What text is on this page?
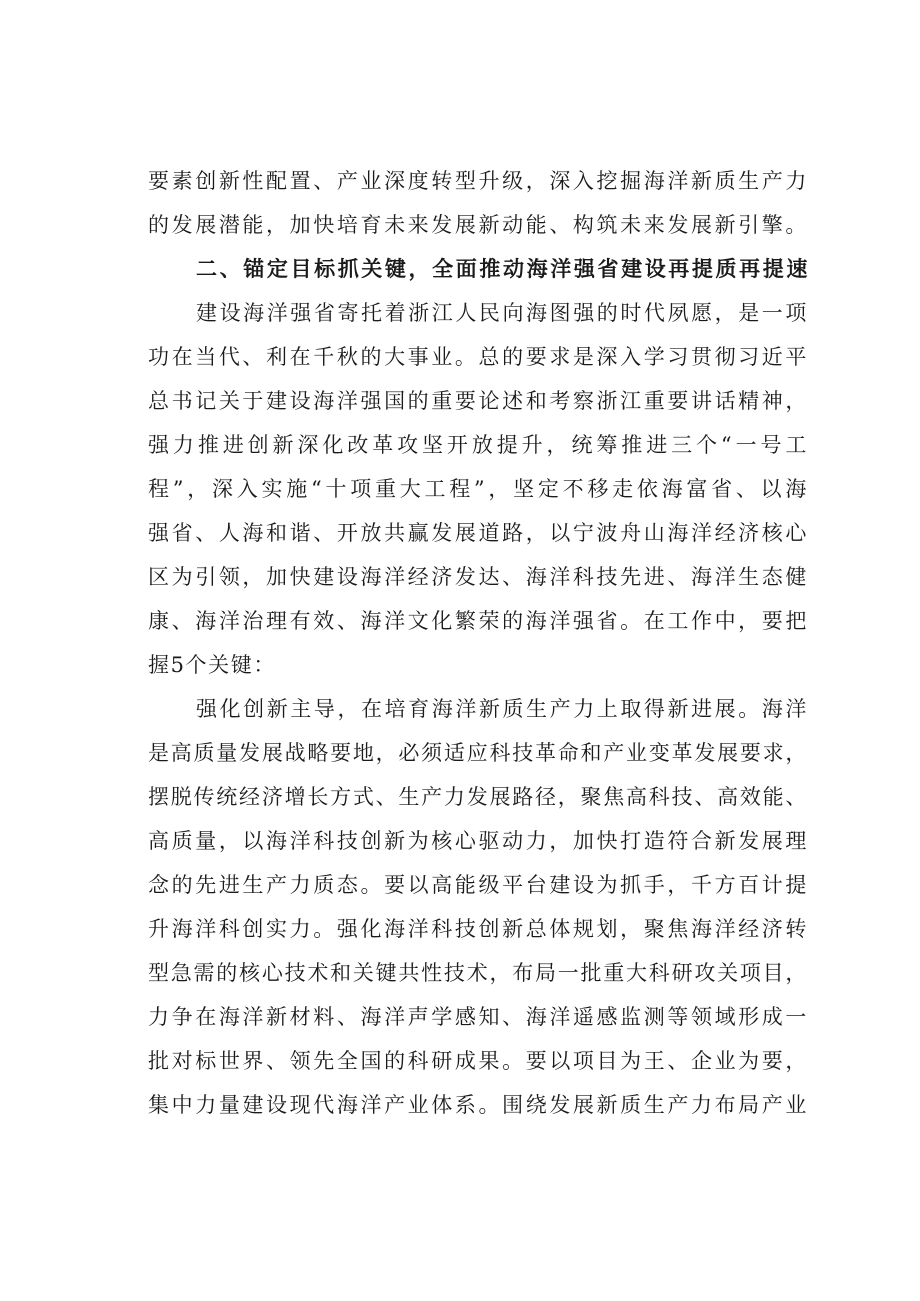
要素创新性配置、产业深度转型升级，深入挖掘海洋新质生产力
的发展潜能，加快培育未来发展新动能、构筑未来发展新引擎。
二、锚定目标抓关键，全面推动海洋强省建设再提质再提速
建设海洋强省寄托着浙江人民向海图强的时代夙愿，是一项
功在当代、利在千秋的大事业。总的要求是深入学习贯彻习近平
总书记关于建设海洋强国的重要论述和考察浙江重要讲话精神，
强力推进创新深化改革攻坚开放提升，统筹推进三个“一号工
程”，深入实施“十项重大工程”，坚定不移走依海富省、以海
强省、人海和谐、开放共赢发展道路，以宁波舟山海洋经济核心
区为引领，加快建设海洋经济发达、海洋科技先进、海洋生态健
康、海洋治理有效、海洋文化繁荣的海洋强省。在工作中，要把
握5个关键：
强化创新主导，在培育海洋新质生产力上取得新进展。海洋
是高质量发展战略要地，必须适应科技革命和产业变革发展要求，
摆脱传统经济增长方式、生产力发展路径，聚焦高科技、高效能、
高质量，以海洋科技创新为核心驱动力，加快打造符合新发展理
念的先进生产力质态。要以高能级平台建设为抓手，千方百计提
升海洋科创实力。强化海洋科技创新总体规划，聚焦海洋经济转
型急需的核心技术和关键共性技术，布局一批重大科研攻关项目，
力争在海洋新材料、海洋声学感知、海洋遥感监测等领域形成一
批对标世界、领先全国的科研成果。要以项目为王、企业为要，
集中力量建设现代海洋产业体系。围绕发展新质生产力布局产业
